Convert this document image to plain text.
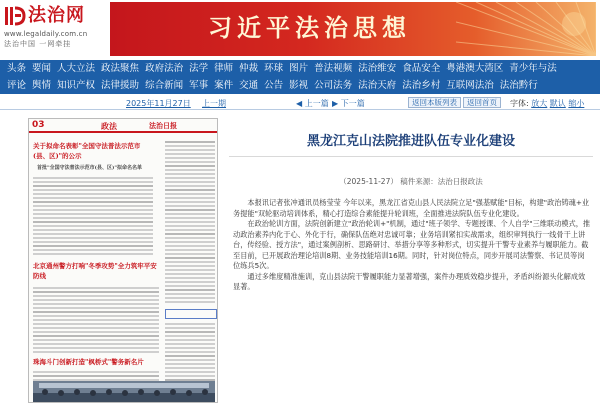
法治网
www.legaldaily.com.cn
法治中国 一网牵挂
习近平法治思想
头条 要闻 人大立法 政法聚焦 政府法治 法学 律师 仲裁 环球 图片 普法视频 法治维安 食品安全 粤港澳大湾区 青少年与法
评论 舆情 知识产权 法律援助 综合新闻 军事 案件 交通 公告 影视 公司法务 法治天府 法治乡村 互联网法治 法治黔行
2025年11月27日 上一期	◀ 上一篇 ▶ 下一篇	返回本版列表	返回首页	字体: 放大 默认 缩小
03	政法	法治日报
关于拟命名表彰"全国守法普法示范市(县、区)"的公示
首批"全国守法普法示范市(县、区)"拟命名名单
北京通州警方打响"冬季攻势"全力筑牢平安防线
珠海斗门创新打造"枫桥式"警务新名片
黑龙江克山法院推进队伍专业化建设
（2025-11-27） 稿件来源：法治日报政法

本报讯记者张冲通讯员杨莹莹 今年以来，黑龙江省克山县人民法院立足"强基赋能"目标，构建"政治铸魂+业务提能"双轮驱动培训体系，精心打造综合素能提升轮训班，全面推进法院队伍专业化建设。

在政治轮训方面，法院创新建立"政治轮训+"机制，通过"班子领学、专题授课、个人自学"三维联动模式，推动政治素养内化于心、外化于行，确保队伍绝对忠诚可靠；业务培训紧扣实战需求，组织审判执行一线骨干上讲台，传经验、授方法"，通过案例剖析、思路研讨、举措分享等多种形式，切实提升干警专业素养与履职能力。截至目前，已开展政治理论培训8期、业务技能培训16期。同时，针对岗位特点，同步开展司法警察、书记员等岗位练兵5次。

通过多维度精准施训，克山县法院干警履职能力显著增强，案件办理质效稳步提升，矛盾纠纷源头化解成效显著。
